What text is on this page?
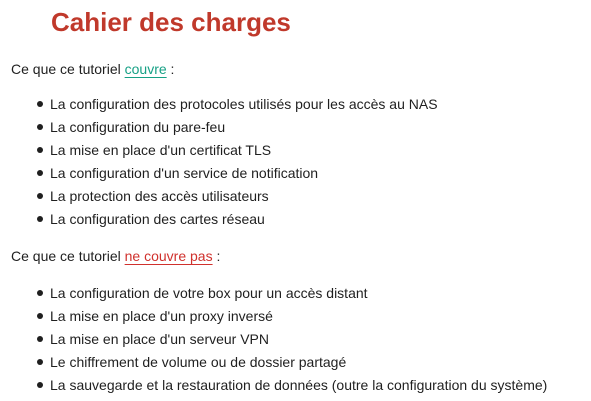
Cahier des charges

Ce que ce tutoriel couvre :

La configuration des protocoles utilisés pour les accès au NAS
La configuration du pare-feu
La mise en place d'un certificat TLS
La configuration d'un service de notification
La protection des accès utilisateurs
La configuration des cartes réseau

Ce que ce tutoriel ne couvre pas :

La configuration de votre box pour un accès distant
La mise en place d'un proxy inversé
La mise en place d'un serveur VPN
Le chiffrement de volume ou de dossier partagé
La sauvegarde et la restauration de données (outre la configuration du système)
